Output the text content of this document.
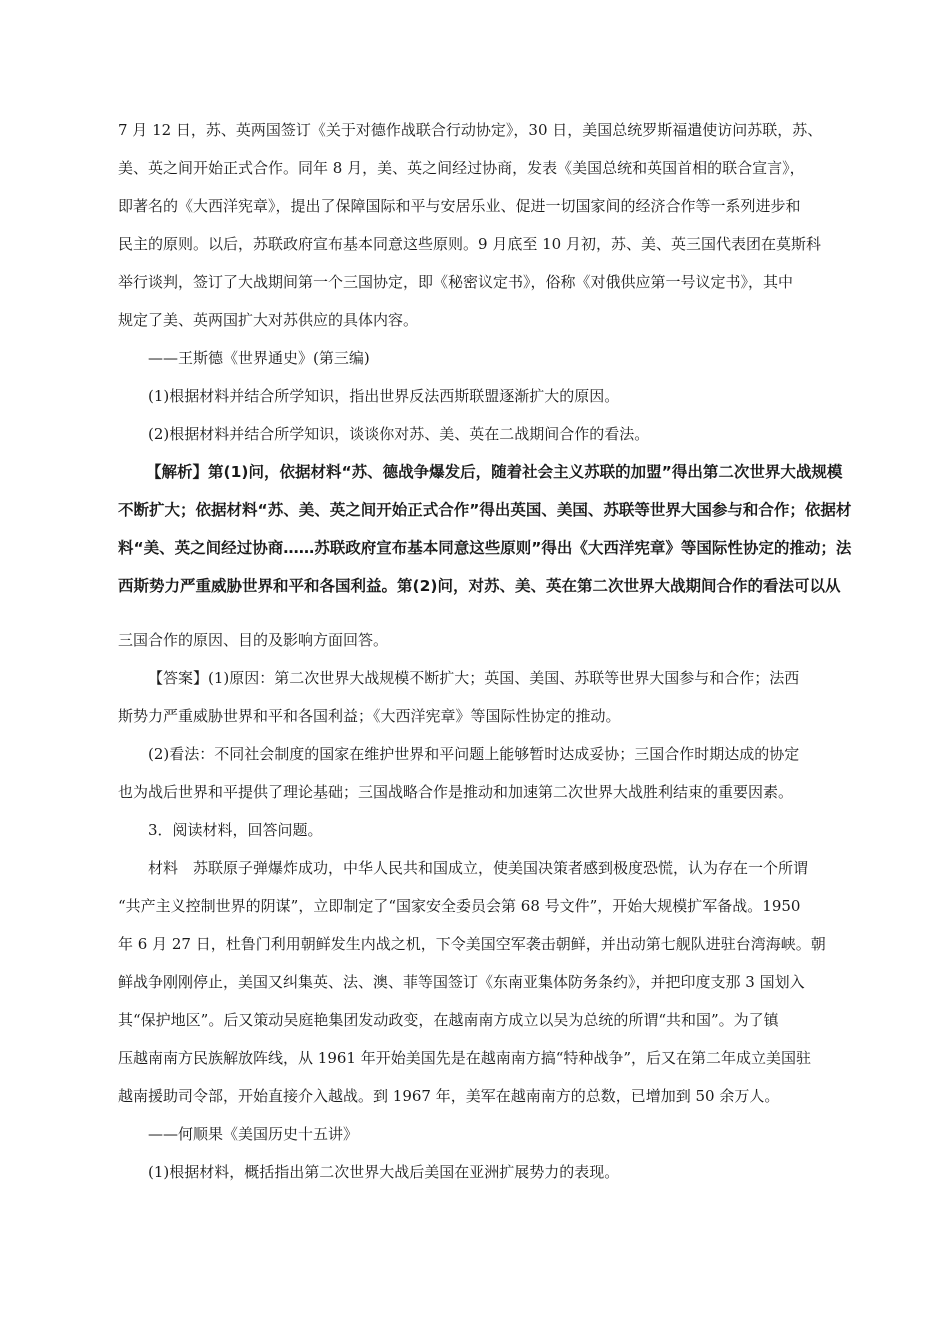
7 月 12 日，苏、英两国签订《关于对德作战联合行动协定》，30 日，美国总统罗斯福遣使访问苏联，苏、
美、英之间开始正式合作。同年 8 月，美、英之间经过协商，发表《美国总统和英国首相的联合宣言》，
即著名的《大西洋宪章》，提出了保障国际和平与安居乐业、促进一切国家间的经济合作等一系列进步和
民主的原则。以后，苏联政府宣布基本同意这些原则。9 月底至 10 月初，苏、美、英三国代表团在莫斯科
举行谈判，签订了大战期间第一个三国协定，即《秘密议定书》，俗称《对俄供应第一号议定书》，其中
规定了美、英两国扩大对苏供应的具体内容。
——王斯德《世界通史》(第三编)
(1)根据材料并结合所学知识，指出世界反法西斯联盟逐渐扩大的原因。
(2)根据材料并结合所学知识，谈谈你对苏、美、英在二战期间合作的看法。
【解析】第(1)问，依据材料“苏、德战争爆发后，随着社会主义苏联的加盟”得出第二次世界大战规模
不断扩大；依据材料“苏、美、英之间开始正式合作”得出英国、美国、苏联等世界大国参与和合作；依据材
料“美、英之间经过协商……苏联政府宣布基本同意这些原则”得出《大西洋宪章》等国际性协定的推动；法
西斯势力严重威胁世界和平和各国利益。第(2)问，对苏、美、英在第二次世界大战期间合作的看法可以从
三国合作的原因、目的及影响方面回答。
【答案】(1)原因：第二次世界大战规模不断扩大；英国、美国、苏联等世界大国参与和合作；法西
斯势力严重威胁世界和平和各国利益；《大西洋宪章》等国际性协定的推动。
(2)看法：不同社会制度的国家在维护世界和平问题上能够暂时达成妥协；三国合作时期达成的协定
也为战后世界和平提供了理论基础；三国战略合作是推动和加速第二次世界大战胜利结束的重要因素。
3．阅读材料，回答问题。
材料　苏联原子弹爆炸成功，中华人民共和国成立，使美国决策者感到极度恐慌，认为存在一个所谓
“共产主义控制世界的阴谋”，立即制定了“国家安全委员会第 68 号文件”，开始大规模扩军备战。1950
年 6 月 27 日，杜鲁门利用朝鲜发生内战之机，下令美国空军袭击朝鲜，并出动第七舰队进驻台湾海峡。朝
鲜战争刚刚停止，美国又纠集英、法、澳、菲等国签订《东南亚集体防务条约》，并把印度支那 3 国划入
其“保护地区”。后又策动吴庭艳集团发动政变，在越南南方成立以吴为总统的所谓“共和国”。为了镇
压越南南方民族解放阵线，从 1961 年开始美国先是在越南南方搞“特种战争”，后又在第二年成立美国驻
越南援助司令部，开始直接介入越战。到 1967 年，美军在越南南方的总数，已增加到 50 余万人。
——何顺果《美国历史十五讲》
(1)根据材料，概括指出第二次世界大战后美国在亚洲扩展势力的表现。
